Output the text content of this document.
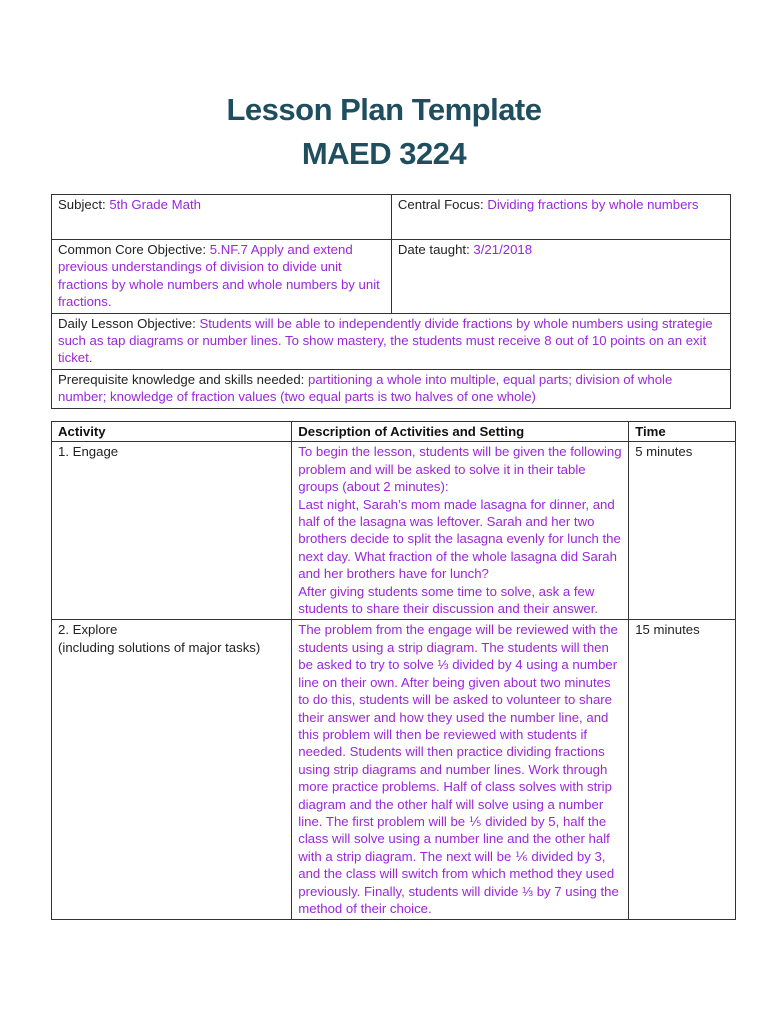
Lesson Plan Template
MAED 3224
Subject: 5th Grade Math	Central Focus: Dividing fractions by whole numbers
Common Core Objective: 5.NF.7 Apply and extend previous understandings of division to divide unit fractions by whole numbers and whole numbers by unit fractions.	Date taught: 3/21/2018
Daily Lesson Objective: Students will be able to independently divide fractions by whole numbers using strategie such as tap diagrams or number lines. To show mastery, the students must receive 8 out of 10 points on an exit ticket.	
Prerequisite knowledge and skills needed: partitioning a whole into multiple, equal parts; division of whole number; knowledge of fraction values (two equal parts is two halves of one whole)	
Activity	Description of Activities and Setting	Time

1. Engage	To begin the lesson, students will be given the following problem and will be asked to solve it in their table groups (about 2 minutes):
Last night, Sarah’s mom made lasagna for dinner, and half of the lasagna was leftover. Sarah and her two brothers decide to split the lasagna evenly for lunch the next day. What fraction of the whole lasagna did Sarah and her brothers have for lunch?
After giving students some time to solve, ask a few students to share their discussion and their answer.	5 minutes

2. Explore
(including solutions of major tasks)	The problem from the engage will be reviewed with the students using a strip diagram. The students will then be asked to try to solve ⅓ divided by 4 using a number line on their own. After being given about two minutes to do this, students will be asked to volunteer to share their answer and how they used the number line, and this problem will then be reviewed with students if needed. Students will then practice dividing fractions using strip diagrams and number lines. Work through more practice problems. Half of class solves with strip diagram and the other half will solve using a number line. The first problem will be ⅕ divided by 5, half the class will solve using a number line and the other half with a strip diagram. The next will be ⅙ divided by 3, and the class will switch from which method they used previously. Finally, students will divide ⅓ by 7 using the method of their choice.	15 minutes
